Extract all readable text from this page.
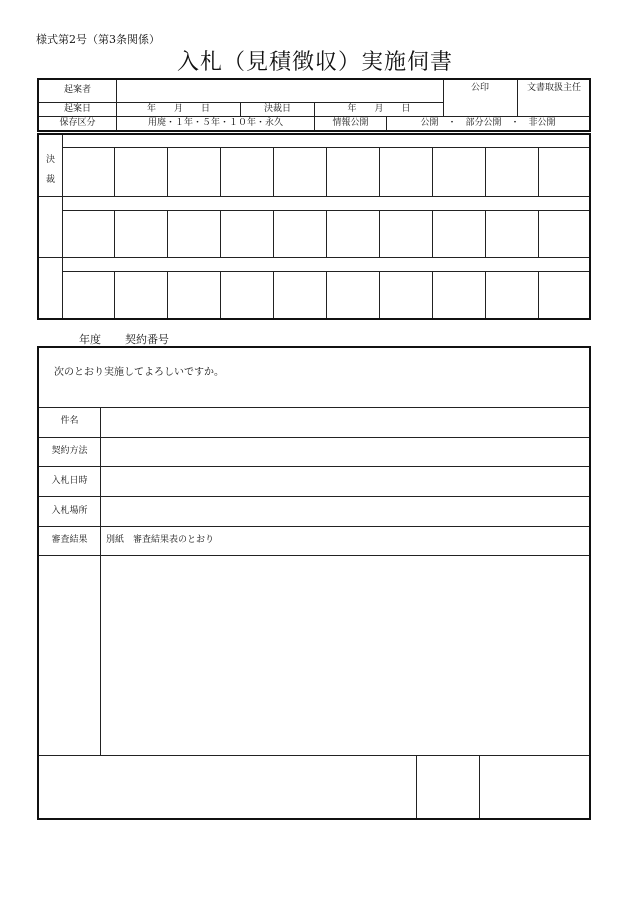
様式第2号（第3条関係）
入札（見積徴収）実施伺書
起案者	公印	文書取扱主任
起案日	年　　月　　日	決裁日	年　　月　　日
保存区分	用廃・１年・５年・１０年・永久	情報公開	公開　・　部分公開　・　非公開
決
裁
年度 契約番号
次のとおり実施してよろしいですか。
件名
契約方法
入札日時
入札場所
審査結果	別紙　審査結果表のとおり
